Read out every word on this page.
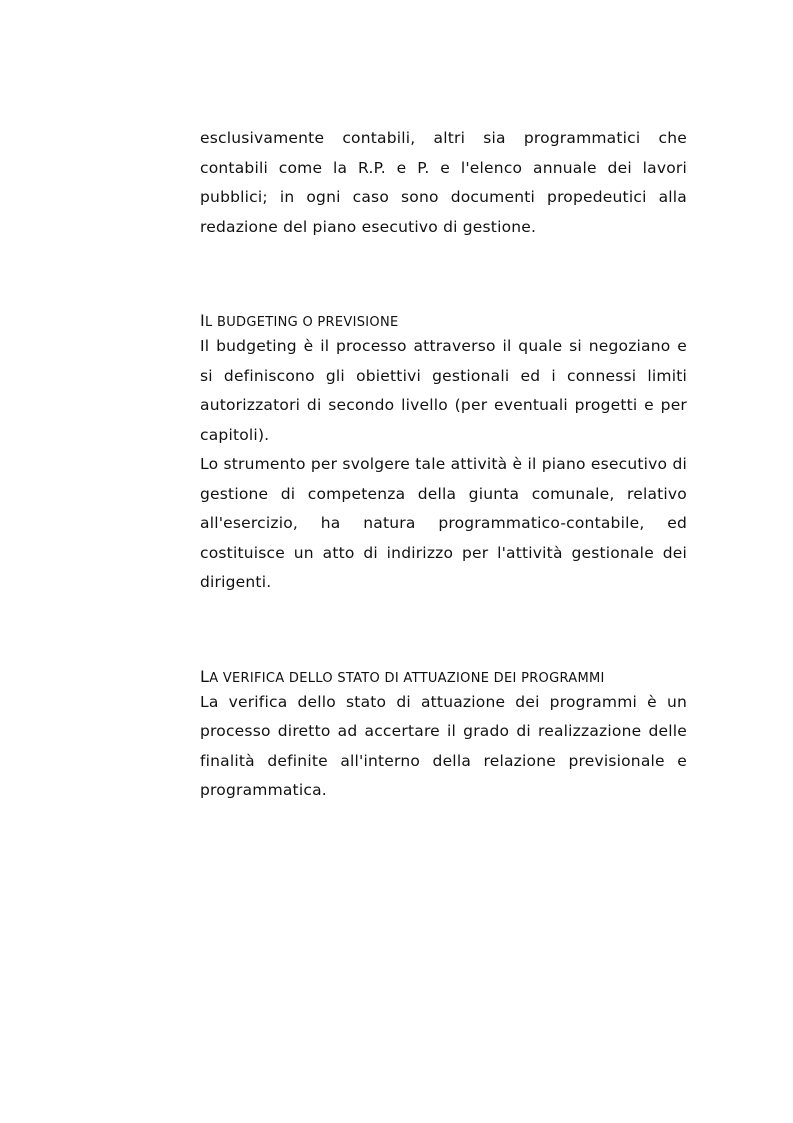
esclusivamente contabili, altri sia programmatici che contabili come la R.P. e P. e l'elenco annuale dei lavori pubblici; in ogni caso sono documenti propedeutici alla redazione del piano esecutivo di gestione.

IL BUDGETING O PREVISIONE

Il budgeting è il processo attraverso il quale si negoziano e si definiscono gli obiettivi gestionali ed i connessi limiti autorizzatori di secondo livello (per eventuali progetti e per capitoli).

Lo strumento per svolgere tale attività è il piano esecutivo di gestione di competenza della giunta comunale, relativo all'esercizio, ha natura programmatico-contabile, ed costituisce un atto di indirizzo per l'attività gestionale dei dirigenti.

LA VERIFICA DELLO STATO DI ATTUAZIONE DEI PROGRAMMI

La verifica dello stato di attuazione dei programmi è un processo diretto ad accertare il grado di realizzazione delle finalità definite all'interno della relazione previsionale e programmatica.
